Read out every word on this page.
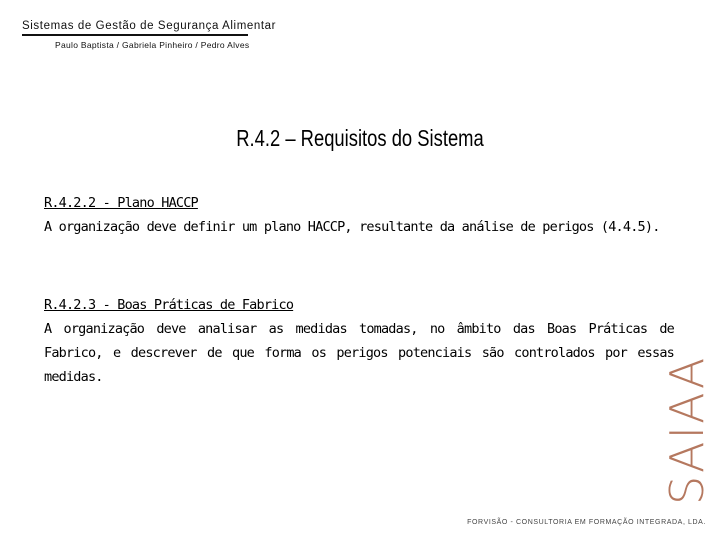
Sistemas de Gestão de Segurança Alimentar
Paulo Baptista / Gabriela Pinheiro / Pedro Alves
R.4.2 – Requisitos do Sistema

R.4.2.2 - Plano HACCP

A organização deve definir um plano HACCP, resultante da análise de perigos (4.4.5).

R.4.2.3 - Boas Práticas de Fabrico

A organização deve analisar as medidas tomadas, no âmbito das Boas Práticas de Fabrico, e descrever de que forma os perigos potenciais são controlados por essas medidas.	SAIAA
FORVISÃO - CONSULTORIA EM FORMAÇÃO INTEGRADA, LDA.
